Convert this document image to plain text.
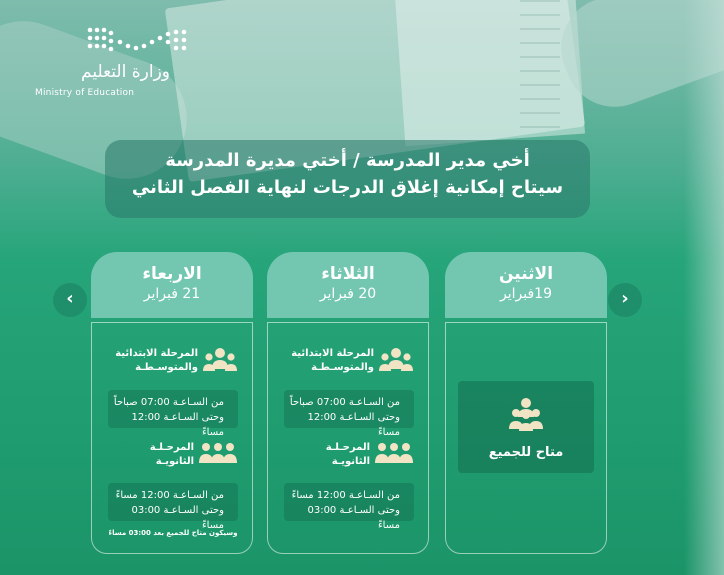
وزارة التعليم
Ministry of Education
أخي مدير المدرسة / أختي مديرة المدرسة
سيتاح إمكانية إغلاق الدرجات لنهاية الفصل الثاني
الاربعاء
21 فبراير
المرحلة الابتدائية
والمتوسـطـة
من السـاعـة 07:00 صباحاً
وحتى السـاعـة 12:00 مساءً
المرحـلـة
الثانويـة
من السـاعـة 12:00 مساءً
وحتى السـاعـة 03:00 مساءً
وسيكون متاح للجميع بعد 03:00 مساءً
الثلاثاء
20 فبراير
المرحلة الابتدائية
والمتوسـطـة
من السـاعـة 07:00 صباحاً
وحتى السـاعـة 12:00 مساءً
المرحـلـة
الثانويـة
من السـاعـة 12:00 مساءً
وحتى السـاعـة 03:00 مساءً
الاثنين
19فبراير
متاح للجميع
‹	›
